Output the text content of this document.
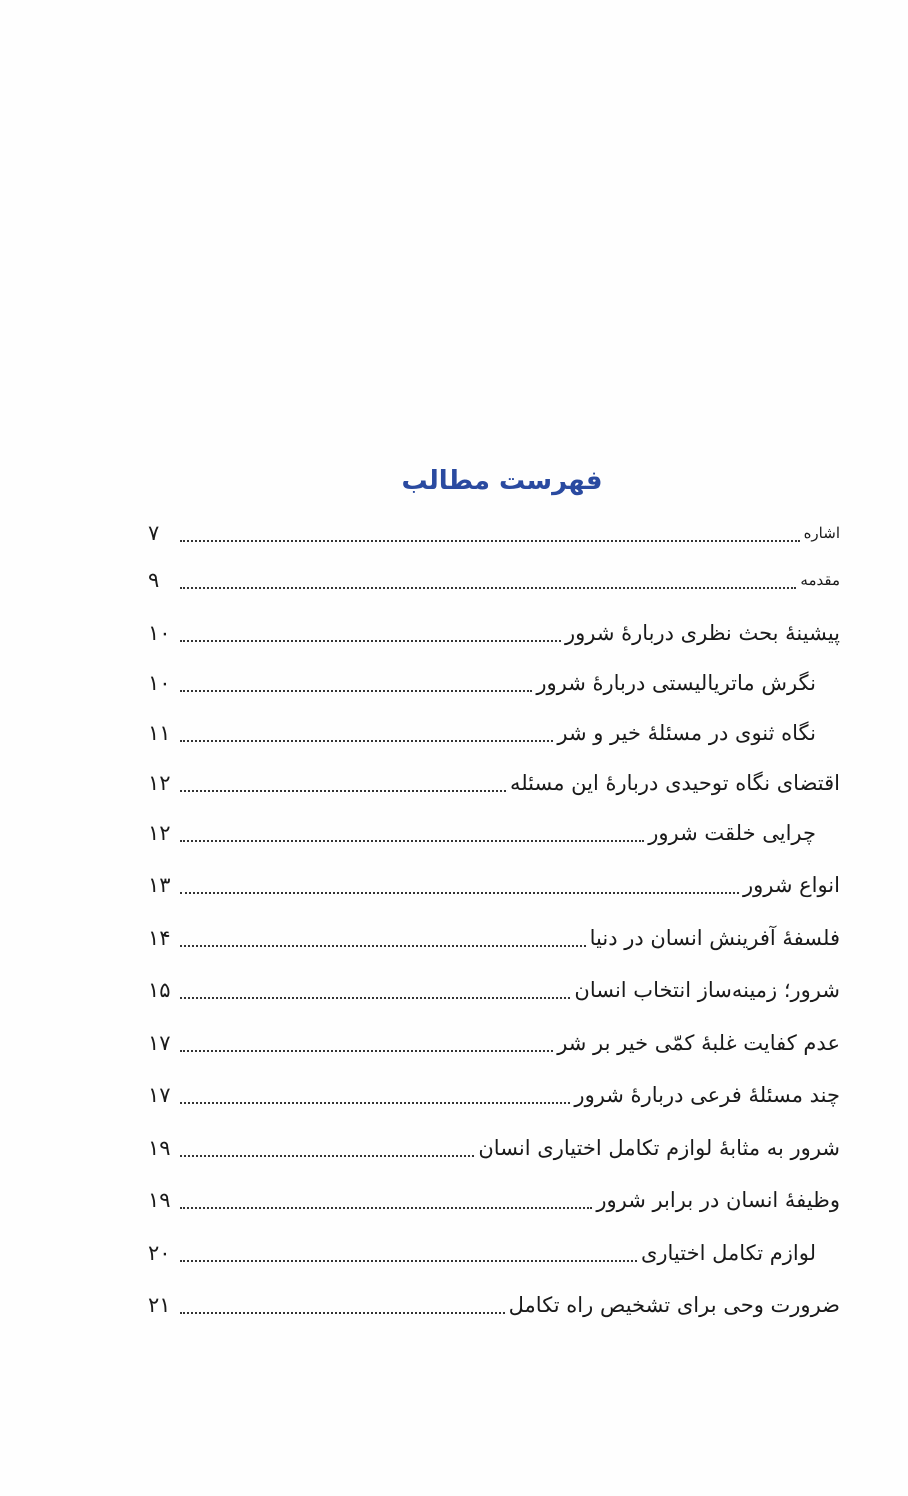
فهرست مطالب
اشاره
۷
مقدمه
۹
پیشینهٔ بحث نظری دربارهٔ شرور
۱۰
نگرش ماتریالیستی دربارهٔ شرور
۱۰
نگاه ثنوی در مسئلهٔ خیر و شر
۱۱
اقتضای نگاه توحیدی دربارهٔ این مسئله
۱۲
چرایی خلقت شرور
۱۲
انواع شرور
۱۳
فلسفهٔ آفرینش انسان در دنیا
۱۴
شرور؛ زمینه‌ساز انتخاب انسان
۱۵
عدم کفایت غلبهٔ کمّی خیر بر شر
۱۷
چند مسئلهٔ فرعی دربارهٔ شرور
۱۷
شرور به مثابهٔ لوازم تکامل اختیاری انسان
۱۹
وظیفهٔ انسان در برابر شرور
۱۹
لوازم تکامل اختیاری
۲۰
ضرورت وحی برای تشخیص راه تکامل
۲۱
